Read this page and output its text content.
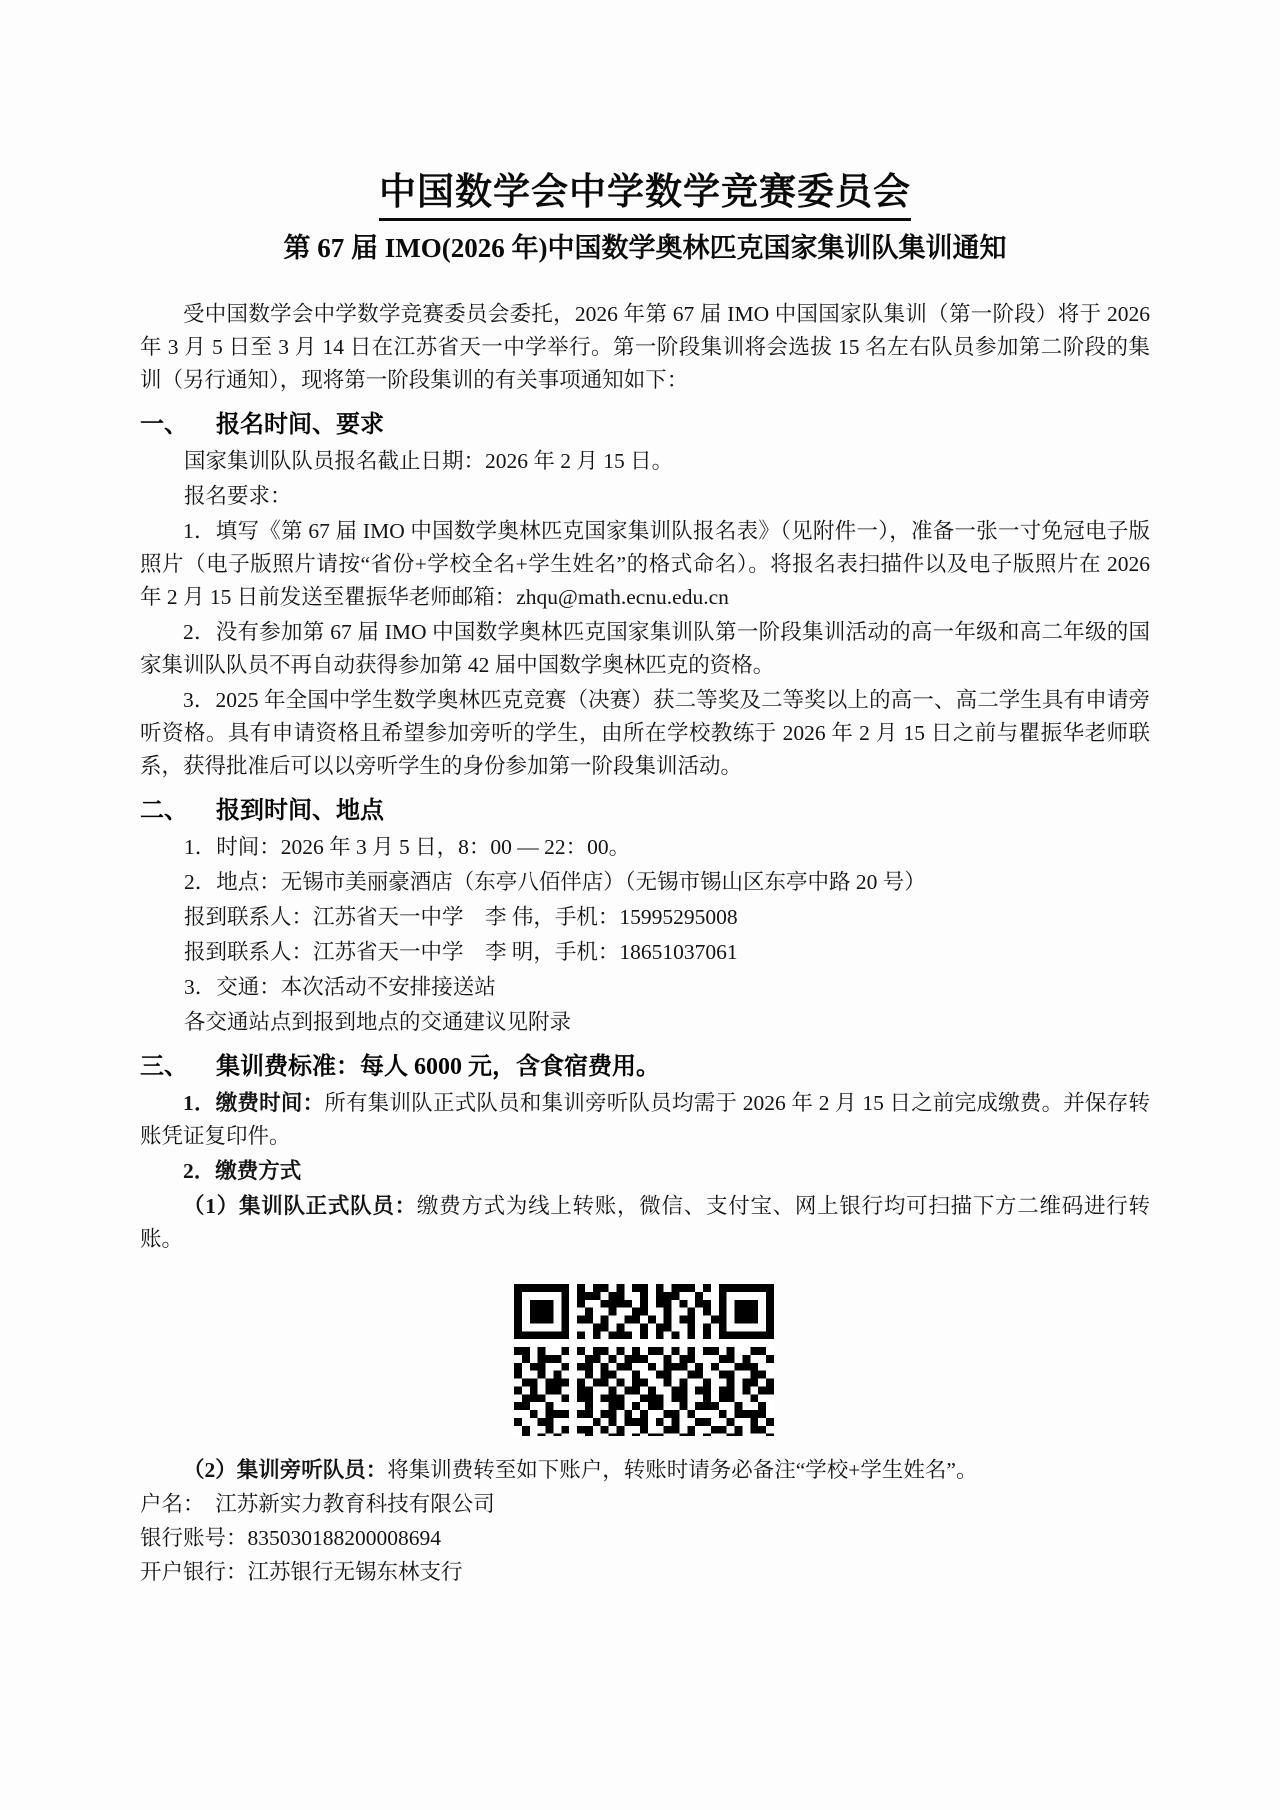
中国数学会中学数学竞赛委员会
第 67 届 IMO(2026 年)中国数学奥林匹克国家集训队集训通知

受中国数学会中学数学竞赛委员会委托，2026 年第 67 届 IMO 中国国家队集训（第一阶段）将于 2026 年 3 月 5 日至 3 月 14 日在江苏省天一中学举行。第一阶段集训将会选拔 15 名左右队员参加第二阶段的集训（另行通知），现将第一阶段集训的有关事项通知如下：

一、 报名时间、要求

国家集训队队员报名截止日期：2026 年 2 月 15 日。

报名要求：

1．填写《第 67 届 IMO 中国数学奥林匹克国家集训队报名表》（见附件一），准备一张一寸免冠电子版照片（电子版照片请按“省份+学校全名+学生姓名”的格式命名）。将报名表扫描件以及电子版照片在 2026 年 2 月 15 日前发送至瞿振华老师邮箱：zhqu@math.ecnu.edu.cn

2．没有参加第 67 届 IMO 中国数学奥林匹克国家集训队第一阶段集训活动的高一年级和高二年级的国家集训队队员不再自动获得参加第 42 届中国数学奥林匹克的资格。

3．2025 年全国中学生数学奥林匹克竞赛（决赛）获二等奖及二等奖以上的高一、高二学生具有申请旁听资格。具有申请资格且希望参加旁听的学生，由所在学校教练于 2026 年 2 月 15 日之前与瞿振华老师联系，获得批准后可以以旁听学生的身份参加第一阶段集训活动。

二、 报到时间、地点

1．时间：2026 年 3 月 5 日，8：00 — 22：00。

2．地点：无锡市美丽豪酒店（东亭八佰伴店）（无锡市锡山区东亭中路 20 号）

报到联系人：江苏省天一中学　李 伟，手机：15995295008

报到联系人：江苏省天一中学　李 明，手机：18651037061

3．交通：本次活动不安排接送站

各交通站点到报到地点的交通建议见附录

三、 集训费标准：每人 6000 元，含食宿费用。

1．缴费时间：所有集训队正式队员和集训旁听队员均需于 2026 年 2 月 15 日之前完成缴费。并保存转账凭证复印件。

2．缴费方式

（1）集训队正式队员：缴费方式为线上转账，微信、支付宝、网上银行均可扫描下方二维码进行转账。

（2）集训旁听队员：将集训费转至如下账户，转账时请务必备注“学校+学生姓名”。

户名：　江苏新实力教育科技有限公司

银行账号：835030188200008694

开户银行：江苏银行无锡东林支行
